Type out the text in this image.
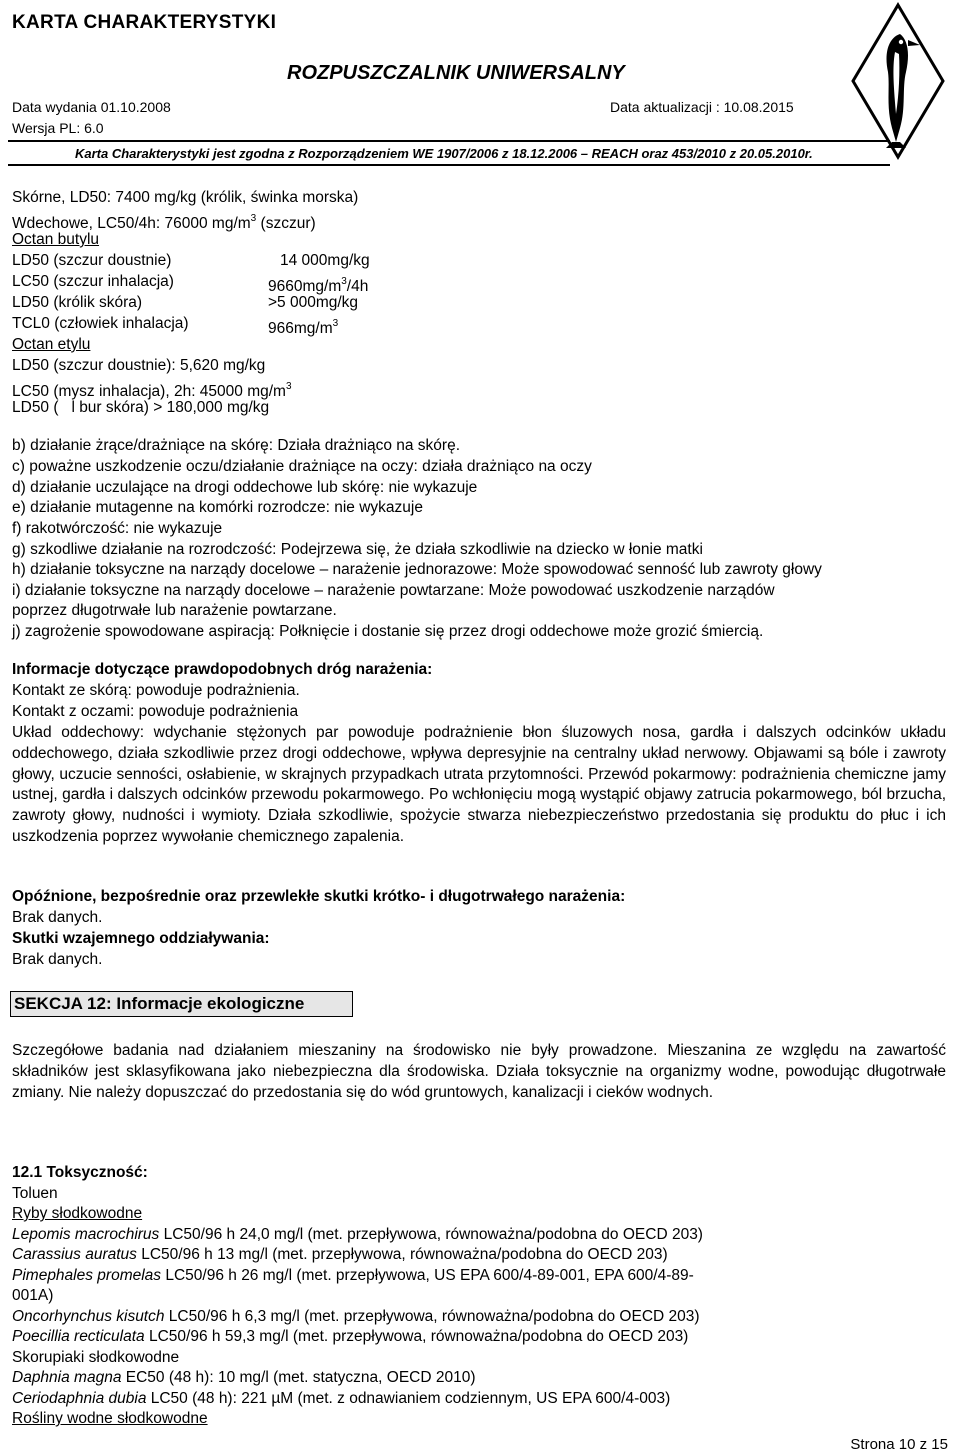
KARTA CHARAKTERYSTYKI
ROZPUSZCZALNIK UNIWERSALNY
Data wydania 01.10.2008	Data aktualizacji : 10.08.2015
Wersja PL: 6.0
Karta Charakterystyki jest zgodna z Rozporządzeniem WE 1907/2006 z 18.12.2006 – REACH oraz 453/2010 z 20.05.2010r.
Skórne, LD50: 7400 mg/kg (królik, świnka morska)
Wdechowe, LC50/4h: 76000 $mg/m^3$ (szczur)
Octan butylu
LD50 (szczur doustnie)	14 000mg/kg
LC50 (szczur inhalacja)	$9660mg/m^3/4h$
LD50 (królik skóra)	>5 000mg/kg
TCL0 (człowiek inhalacja)	$966mg/m^3$
Octan etylu
LD50 (szczur doustnie): 5,620 mg/kg
LC50 (mysz inhalacja), 2h: 45000 $mg/m^3$
LD50 (   l bur skóra) > 180,000 mg/kg
b) działanie żrące/drażniące na skórę: Działa drażniąco na skórę.
c) poważne uszkodzenie oczu/działanie drażniące na oczy: działa drażniąco na oczy
d) działanie uczulające na drogi oddechowe lub skórę: nie wykazuje
e) działanie mutagenne na komórki rozrodcze: nie wykazuje
f) rakotwórczość: nie wykazuje
g) szkodliwe działanie na rozrodczość: Podejrzewa się, że działa szkodliwie na dziecko w łonie matki
h) działanie toksyczne na narządy docelowe – narażenie jednorazowe: Może spowodować senność lub zawroty głowy
i) działanie toksyczne na narządy docelowe – narażenie powtarzane: Może powodować uszkodzenie narządów
poprzez długotrwałe lub narażenie powtarzane.
j) zagrożenie spowodowane aspiracją: Połknięcie i dostanie się przez drogi oddechowe może grozić śmiercią.
Informacje dotyczące prawdopodobnych dróg narażenia:
Kontakt ze skórą: powoduje podrażnienia.
Kontakt z oczami: powoduje podrażnienia
Układ oddechowy: wdychanie stężonych par powoduje podrażnienie błon śluzowych nosa, gardła i dalszych odcinków układu oddechowego, działa szkodliwie przez drogi oddechowe, wpływa depresyjnie na centralny układ nerwowy. Objawami są bóle i zawroty głowy, uczucie senności, osłabienie, w skrajnych przypadkach utrata przytomności. Przewód pokarmowy: podrażnienia chemiczne jamy ustnej, gardła i dalszych odcinków przewodu pokarmowego. Po wchłonięciu mogą wystąpić objawy zatrucia pokarmowego, ból brzucha, zawroty głowy, nudności i wymioty. Działa szkodliwie, spożycie stwarza niebezpieczeństwo przedostania się produktu do płuc i ich uszkodzenia poprzez wywołanie chemicznego zapalenia.
Opóźnione, bezpośrednie oraz przewlekłe skutki krótko- i długotrwałego narażenia:
Brak danych.
Skutki wzajemnego oddziaływania:
Brak danych.
SEKCJA 12: Informacje ekologiczne
Szczegółowe badania nad działaniem mieszaniny na środowisko nie były prowadzone. Mieszanina ze względu na zawartość składników jest sklasyfikowana jako niebezpieczna dla środowiska. Działa toksycznie na organizmy wodne, powodując długotrwałe zmiany. Nie należy dopuszczać do przedostania się do wód gruntowych, kanalizacji i cieków wodnych.
12.1 Toksyczność:
Toluen
Ryby słodkowodne
Lepomis macrochirus LC50/96 h 24,0 mg/l (met. przepływowa, równoważna/podobna do OECD 203)
Carassius auratus LC50/96 h 13 mg/l (met. przepływowa, równoważna/podobna do OECD 203)
Pimephales promelas LC50/96 h 26 mg/l (met. przepływowa, US EPA 600/4-89-001, EPA 600/4-89-
001A)
Oncorhynchus kisutch LC50/96 h 6,3 mg/l (met. przepływowa, równoważna/podobna do OECD 203)
Poecillia recticulata LC50/96 h 59,3 mg/l (met. przepływowa, równoważna/podobna do OECD 203)
Skorupiaki słodkowodne
Daphnia magna EC50 (48 h): 10 mg/l (met. statyczna, OECD 2010)
Ceriodaphnia dubia LC50 (48 h): 221 µM (met. z odnawianiem codziennym, US EPA 600/4-003)
Rośliny wodne słodkowodne
Strona 10 z 15
